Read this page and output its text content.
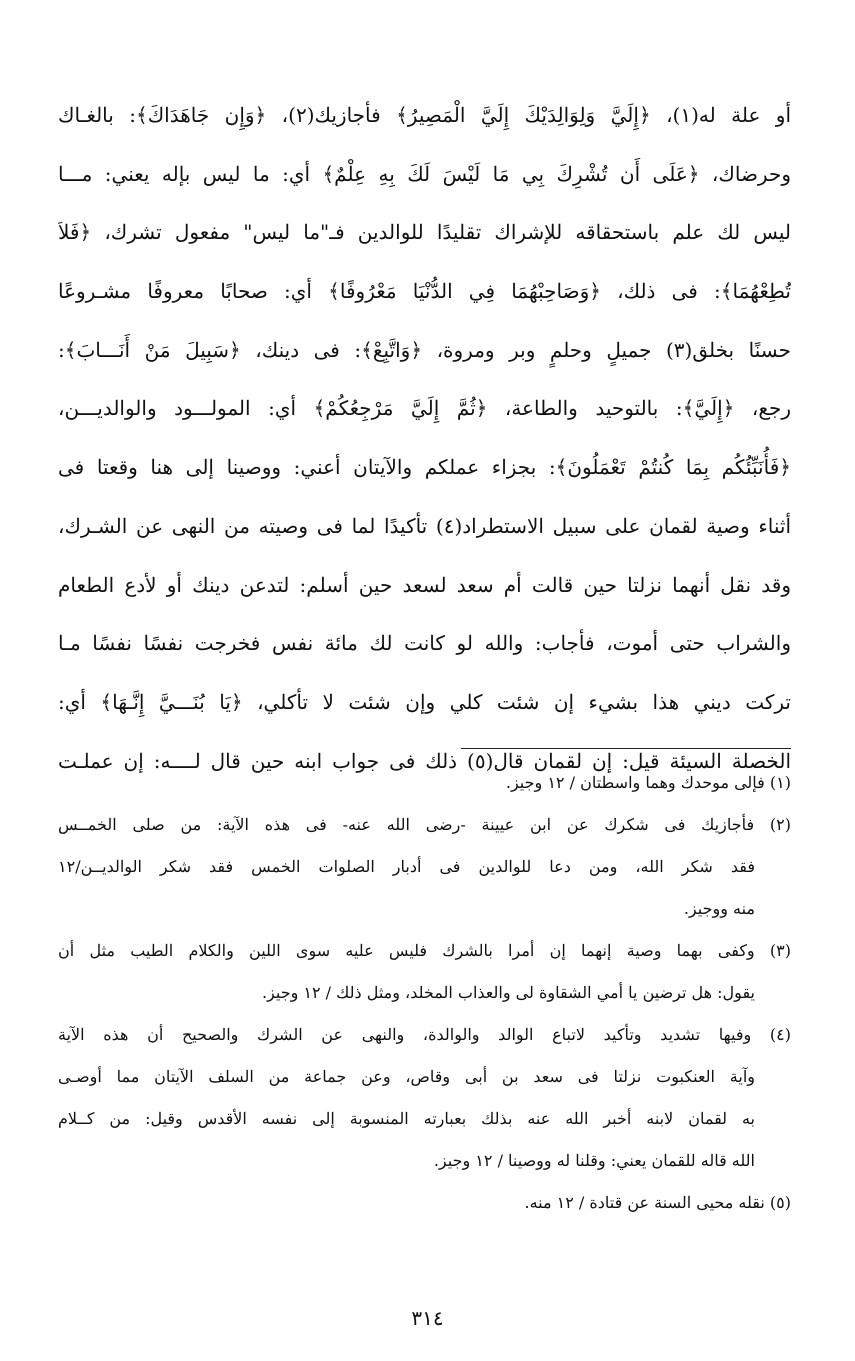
أو علة له(١)، ﴿إِلَيَّ وَلِوَالِدَيْكَ إِلَيَّ الْمَصِيرُ﴾ فأجازيك(٢)، ﴿وَإِن جَاهَدَاكَ﴾: بالغـاك
وحرضاك، ﴿عَلَى أَن تُشْرِكَ بِي مَا لَيْسَ لَكَ بِهِ عِلْمٌ﴾ أي: ما ليس بإله يعني: مـــا
ليس لك علم باستحقاقه للإشراك تقليدًا للوالدين فـ"ما ليس" مفعول تشرك، ﴿فَلاَ
تُطِعْهُمَا﴾: فى ذلك، ﴿وَصَاحِبْهُمَا فِي الدُّنْيَا مَعْرُوفًا﴾ أي: صحابًا معروفًا مشـروعًا
حسنًا بخلق(٣) جميلٍ وحلمٍ وبر ومروة، ﴿وَاتَّبِعْ﴾: فى دينك، ﴿سَبِيلَ مَنْ أَنَـــابَ﴾:
رجع، ﴿إِلَيَّ﴾: بالتوحيد والطاعة، ﴿ثُمَّ إِلَيَّ مَرْجِعُكُمْ﴾ أي: المولـــود والوالديـــن،
﴿فَأُنَبِّئُكُم بِمَا كُنتُمْ تَعْمَلُونَ﴾: بجزاء عملكم والآيتان أعني: ووصينا إلى هنا وقعتا فى
أثناء وصية لقمان على سبيل الاستطراد(٤) تأكيدًا لما فى وصيته من النهى عن الشـرك،
وقد نقل أنهما نزلتا حين قالت أم سعد لسعد حين أسلم: لتدعن دينك أو لأدع الطعام
والشراب حتى أموت، فأجاب: والله لو كانت لك مائة نفس فخرجت نفسًا نفسًا مـا
تركت ديني هذا بشيء إن شئت كلي وإن شئت لا تأكلي، ﴿يَا بُنَـــيَّ إِنَّـهَا﴾ أي:
الخصلة السيئة قيل: إن لقمان قال(٥) ذلك فى جواب ابنه حين قال لــــه: إن عملـت
(١) فإلى موحدك وهما واسطتان / ١٢ وجيز.
(٢) فأجازيك فى شكرك عن ابن عيينة -رضى الله عنه- فى هذه الآية: من صلى الخمــس
فقد شكر الله، ومن دعا للوالدين فى أدبار الصلوات الخمس فقد شكر الوالديــن/١٢
منه ووجيز.
(٣) وكفى بهما وصية إنهما إن أمرا بالشرك فليس عليه سوى اللين والكلام الطيب مثل أن
يقول: هل ترضين يا أمي الشقاوة لى والعذاب المخلد، ومثل ذلك / ١٢ وجيز.
(٤) وفيها تشديد وتأكيد لاتباع الوالد والوالدة، والنهى عن الشرك والصحيح أن هذه الآية
وآية العنكبوت نزلتا فى سعد بن أبى وقاص، وعن جماعة من السلف الآيتان مما أوصـى
به لقمان لابنه أخبر الله عنه بذلك بعبارته المنسوبة إلى نفسه الأقدس وقيل: من كــلام
الله قاله للقمان يعني: وقلنا له ووصينا / ١٢ وجيز.
(٥) نقله محيى السنة عن قتادة / ١٢ منه.
٣١٤
